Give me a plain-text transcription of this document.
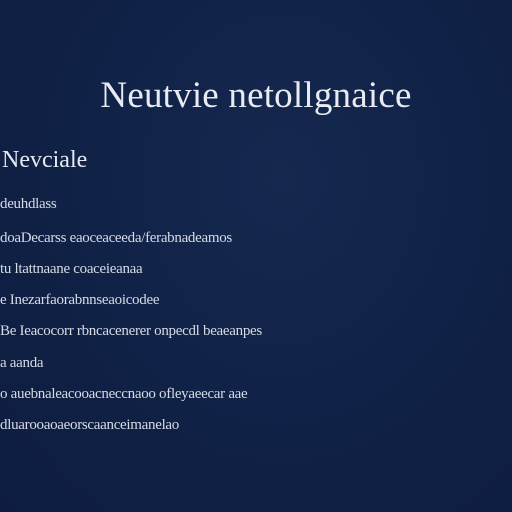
Neutvie netollgnaice
Nevciale
deuhdlass
doaDecarss eaoceaceeda/ferabnadeamos
tu ltattnaane coaceieanaa
e Inezarfaorabnnseaoicodee
Be Ieacocorr rbncacenerer onpecdl beaeanpes
a aanda
o auebnaleacooacneccnaoo ofleyaeecar aae
dluarooaoaeorscaanceimanelao
